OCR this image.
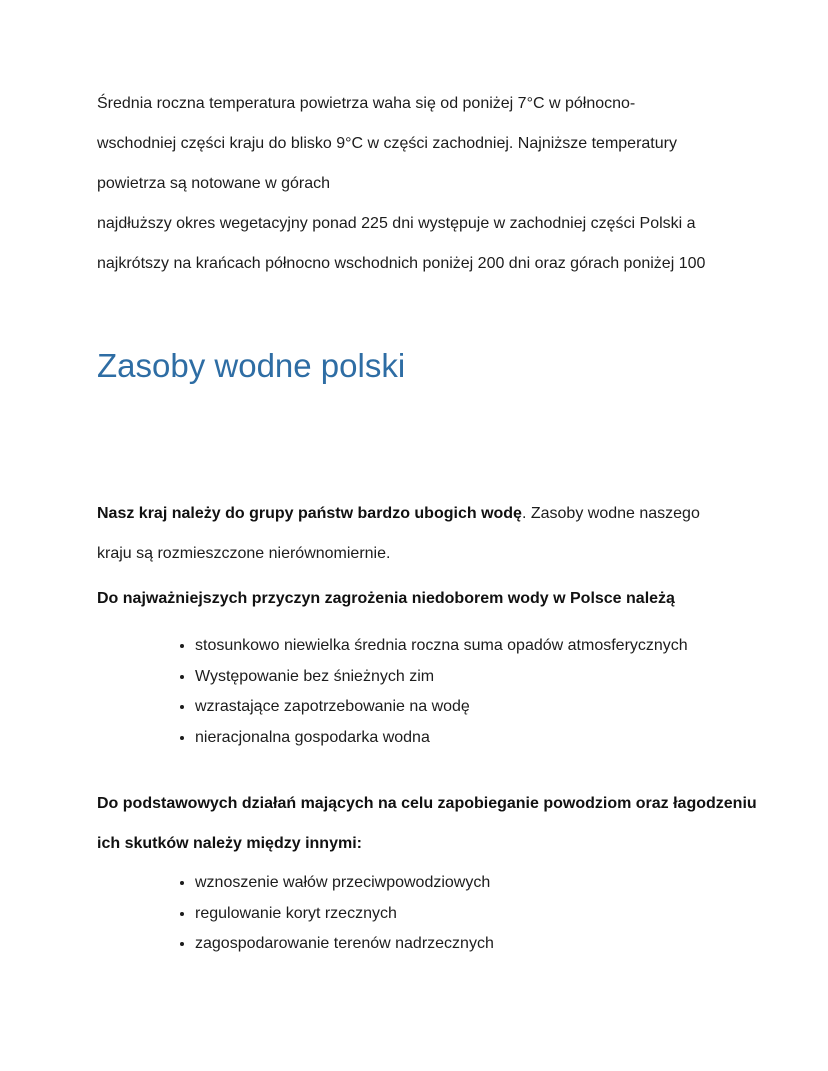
Średnia roczna temperatura powietrza waha się od poniżej 7°C w północno- wschodniej części kraju do blisko 9°C w części zachodniej. Najniższe temperatury powietrza są notowane w górach

najdłuższy okres wegetacyjny ponad 225 dni występuje w zachodniej części Polski a najkrótszy na krańcach północno wschodnich poniżej 200 dni oraz górach poniżej 100

Zasoby wodne polski

Nasz kraj należy do grupy państw bardzo ubogich wodę. Zasoby wodne naszego kraju są rozmieszczone nierównomiernie.

Do najważniejszych przyczyn zagrożenia niedoborem wody w Polsce należą

• stosunkowo niewielka średnia roczna suma opadów atmosferycznych
• Występowanie bez śnieżnych zim
• wzrastające zapotrzebowanie na wodę
• nieracjonalna gospodarka wodna

Do podstawowych działań mających na celu zapobieganie powodziom oraz łagodzeniu ich skutków należy między innymi:

• wznoszenie wałów przeciwpowodziowych
• regulowanie koryt rzecznych
• zagospodarowanie terenów nadrzecznych
